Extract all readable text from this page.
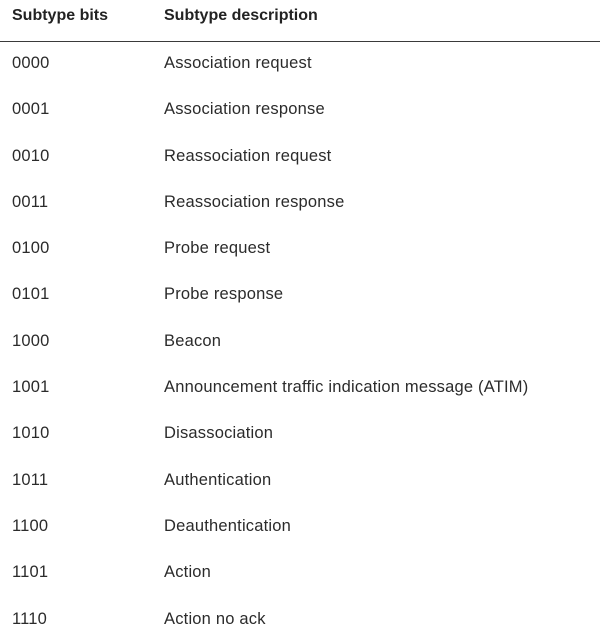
Subtype bits	Subtype description
0000	Association request
0001	Association response
0010	Reassociation request
0011	Reassociation response
0100	Probe request
0101	Probe response
1000	Beacon
1001	Announcement traffic indication message (ATIM)
1010	Disassociation
1011	Authentication
1100	Deauthentication
1101	Action
1110	Action no ack
